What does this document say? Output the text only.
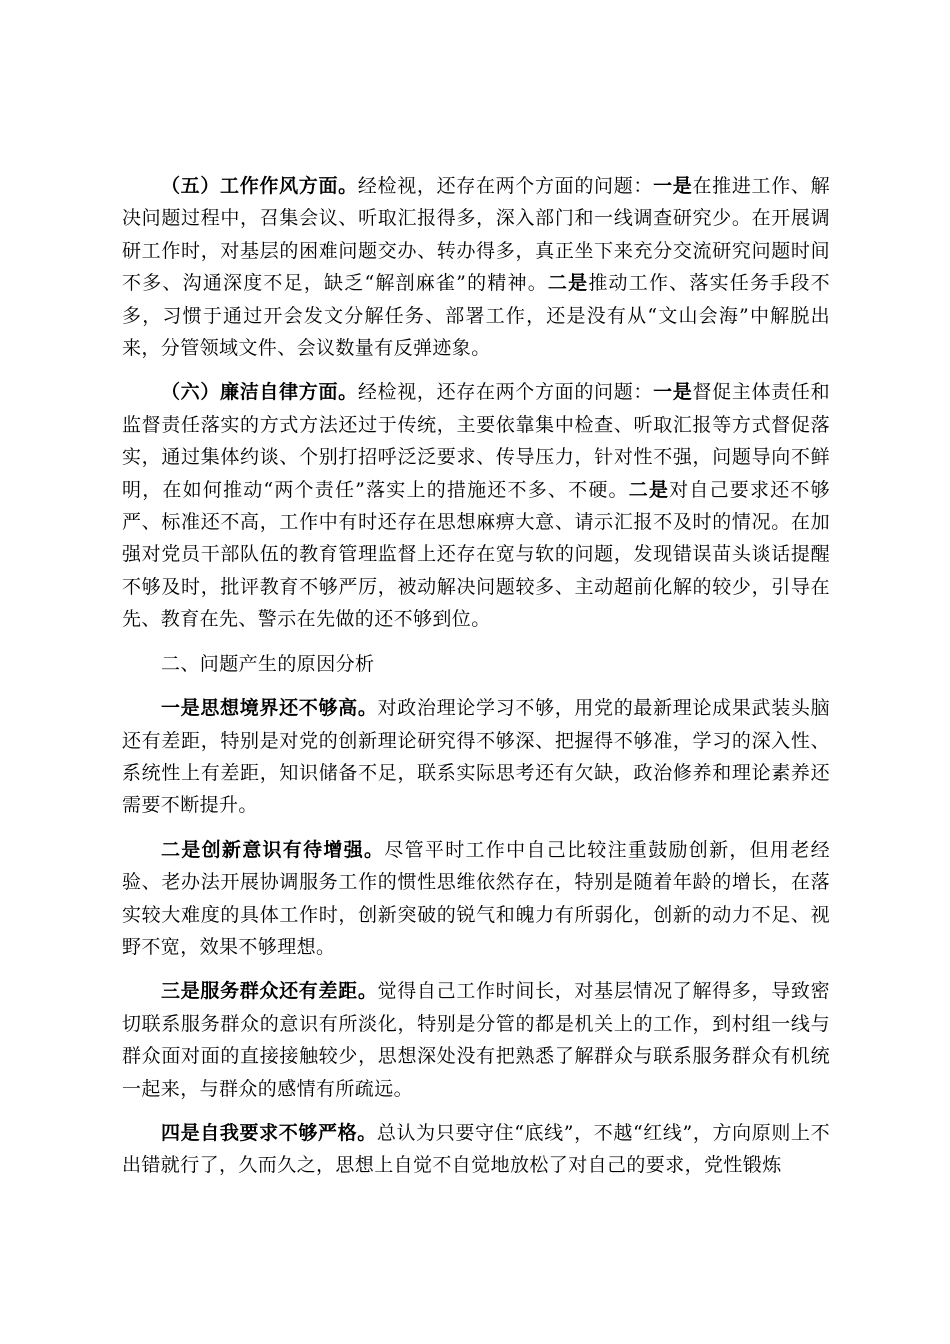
（五）工作作风方面。经检视，还存在两个方面的问题：一是在推进工作、解决问题过程中，召集会议、听取汇报得多，深入部门和一线调查研究少。在开展调研工作时，对基层的困难问题交办、转办得多，真正坐下来充分交流研究问题时间不多、沟通深度不足，缺乏“解剖麻雀”的精神。二是推动工作、落实任务手段不多，习惯于通过开会发文分解任务、部署工作，还是没有从“文山会海”中解脱出来，分管领域文件、会议数量有反弹迹象。

（六）廉洁自律方面。经检视，还存在两个方面的问题：一是督促主体责任和监督责任落实的方式方法还过于传统，主要依靠集中检查、听取汇报等方式督促落实，通过集体约谈、个别打招呼泛泛要求、传导压力，针对性不强，问题导向不鲜明，在如何推动“两个责任”落实上的措施还不多、不硬。二是对自己要求还不够严、标准还不高，工作中有时还存在思想麻痹大意、请示汇报不及时的情况。在加强对党员干部队伍的教育管理监督上还存在宽与软的问题，发现错误苗头谈话提醒不够及时，批评教育不够严厉，被动解决问题较多、主动超前化解的较少，引导在先、教育在先、警示在先做的还不够到位。

二、问题产生的原因分析

一是思想境界还不够高。对政治理论学习不够，用党的最新理论成果武装头脑还有差距，特别是对党的创新理论研究得不够深、把握得不够准，学习的深入性、系统性上有差距，知识储备不足，联系实际思考还有欠缺，政治修养和理论素养还需要不断提升。

二是创新意识有待增强。尽管平时工作中自己比较注重鼓励创新，但用老经验、老办法开展协调服务工作的惯性思维依然存在，特别是随着年龄的增长，在落实较大难度的具体工作时，创新突破的锐气和魄力有所弱化，创新的动力不足、视野不宽，效果不够理想。

三是服务群众还有差距。觉得自己工作时间长，对基层情况了解得多，导致密切联系服务群众的意识有所淡化，特别是分管的都是机关上的工作，到村组一线与群众面对面的直接接触较少，思想深处没有把熟悉了解群众与联系服务群众有机统一起来，与群众的感情有所疏远。

四是自我要求不够严格。总认为只要守住“底线”，不越“红线”，方向原则上不出错就行了，久而久之，思想上自觉不自觉地放松了对自己的要求，党性锻炼
